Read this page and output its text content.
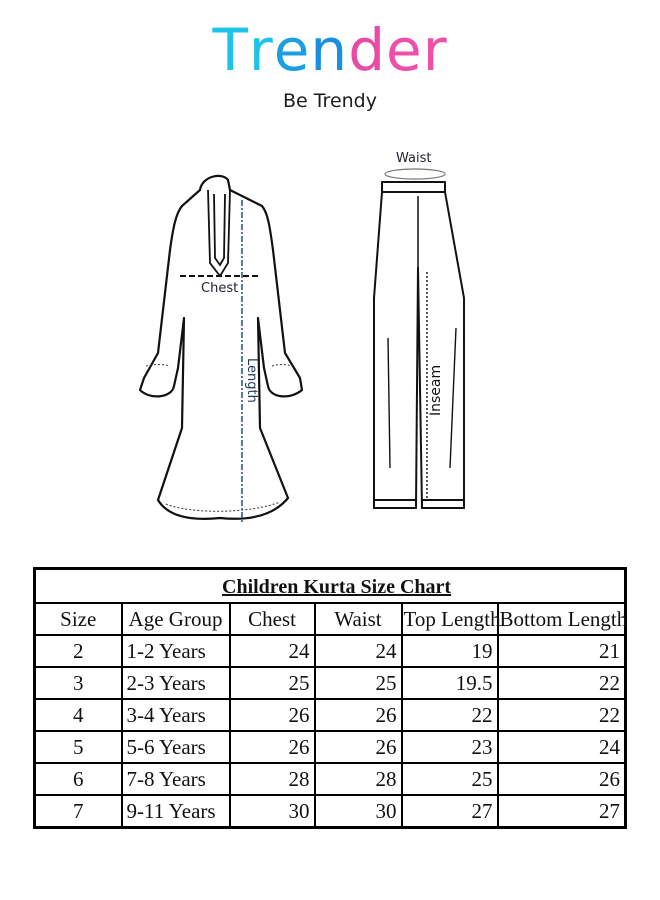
Trender
Be Trendy
Chest
Length
Waist
Inseam
Children Kurta Size Chart					
Size	Age Group	Chest	Waist	Top Length	Bottom Length
2	1-2 Years	24	24	19	21
3	2-3 Years	25	25	19.5	22
4	3-4 Years	26	26	22	22
5	5-6 Years	26	26	23	24
6	7-8 Years	28	28	25	26
7	9-11 Years	30	30	27	27
